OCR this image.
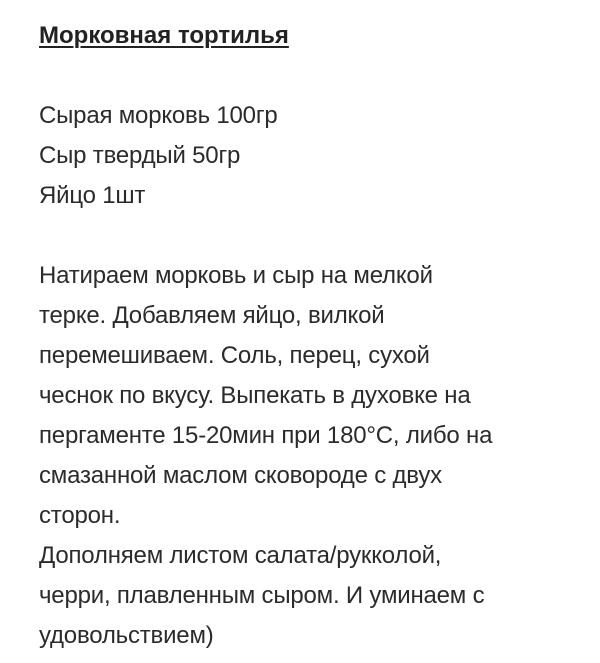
Морковная тортилья

Сырая морковь 100гр

Сыр твердый 50гр

Яйцо 1шт

Натираем морковь и сыр на мелкой

терке. Добавляем яйцо, вилкой

перемешиваем. Соль, перец, сухой

чеснок по вкусу. Выпекать в духовке на

пергаменте 15-20мин при 180°С, либо на

смазанной маслом сковороде с двух

сторон.

Дополняем листом салата/рукколой,

черри, плавленным сыром. И уминаем с

удовольствием)
